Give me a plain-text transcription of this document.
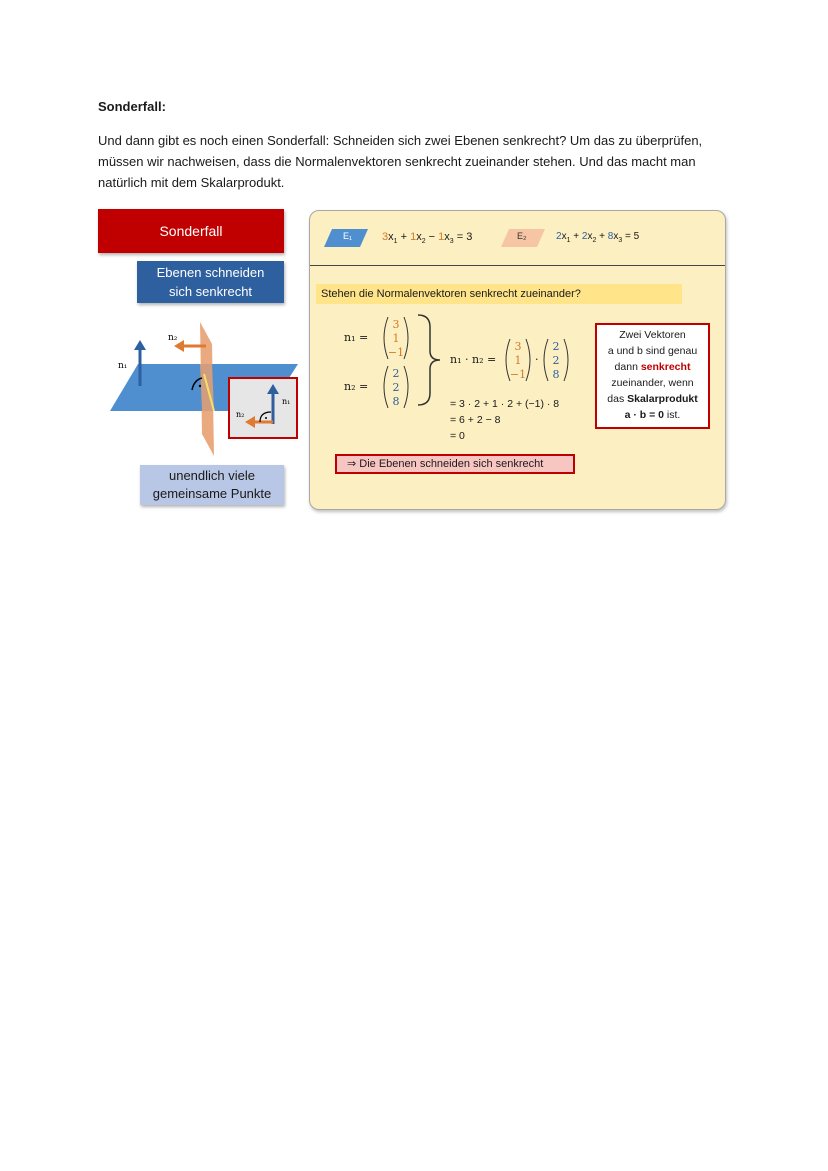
Sonderfall:
Und dann gibt es noch einen Sonderfall: Schneiden sich zwei Ebenen senkrecht? Um das zu überprüfen, müssen wir nachweisen, dass die Normalenvektoren senkrecht zueinander stehen. Und das macht man natürlich mit dem Skalarprodukt.
Sonderfall
Ebenen schneiden
sich senkrecht
n₁
n₂
n₁
n₂
unendlich viele
gemeinsame Punkte
E₁	$3x_1 + 1x_2 - 1x_3 = 3$	E₂	$2x_1 + 2x_2 + 8x_3 = 5$
Stehen die Normalenvektoren senkrecht zueinander?
n₁ =
3
1
−1
n₂ =
2
2
8
n₁ · n₂ =
3
1
−1
·
2
2
8
= 3 · 2 + 1 · 2 + (−1) · 8
= 6 + 2 − 8
= 0
Zwei Vektoren
a und b sind genau
dann senkrecht
zueinander, wenn
das Skalarprodukt
a · b = 0 ist.
⇒ Die Ebenen schneiden sich senkrecht
